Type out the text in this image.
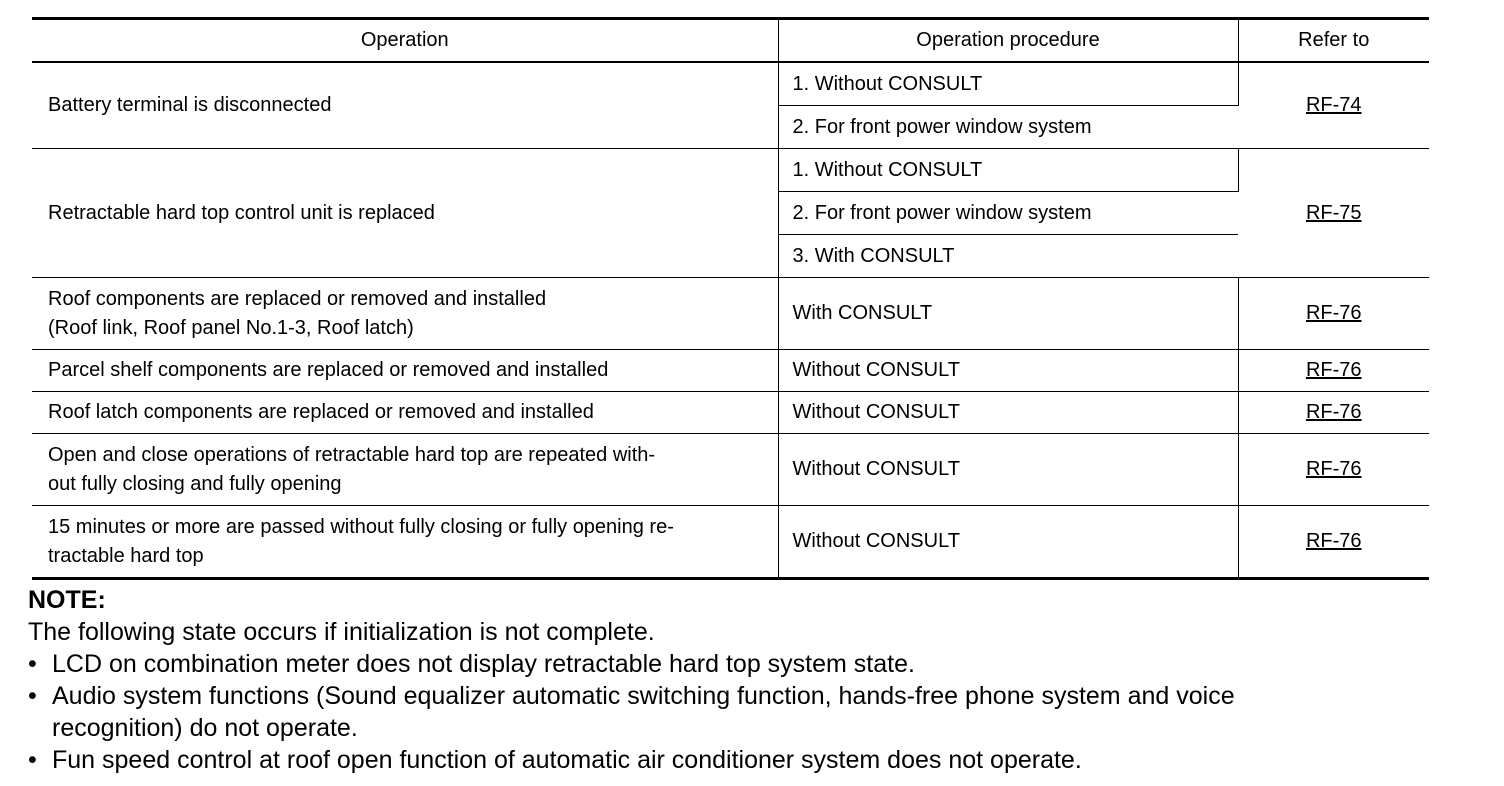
Operation	Operation procedure	Refer to
Battery terminal is disconnected	1. Without CONSULT	RF-74
	2. For front power window system	
Retractable hard top control unit is replaced	1. Without CONSULT	RF-75
	2. For front power window system	
	3. With CONSULT	

Roof components are replaced or removed and installed
(Roof link, Roof panel No.1-3, Roof latch)	With CONSULT	RF-76
Parcel shelf components are replaced or removed and installed	Without CONSULT	RF-76
Roof latch components are replaced or removed and installed	Without CONSULT	RF-76

Open and close operations of retractable hard top are repeated with-
out fully closing and fully opening	Without CONSULT	RF-76

15 minutes or more are passed without fully closing or fully opening re-
tractable hard top	Without CONSULT	RF-76
NOTE:
The following state occurs if initialization is not complete.
• LCD on combination meter does not display retractable hard top system state.
• Audio system functions (Sound equalizer automatic switching function, hands-free phone system and voice
recognition) do not operate.
• Fun speed control at roof open function of automatic air conditioner system does not operate.
